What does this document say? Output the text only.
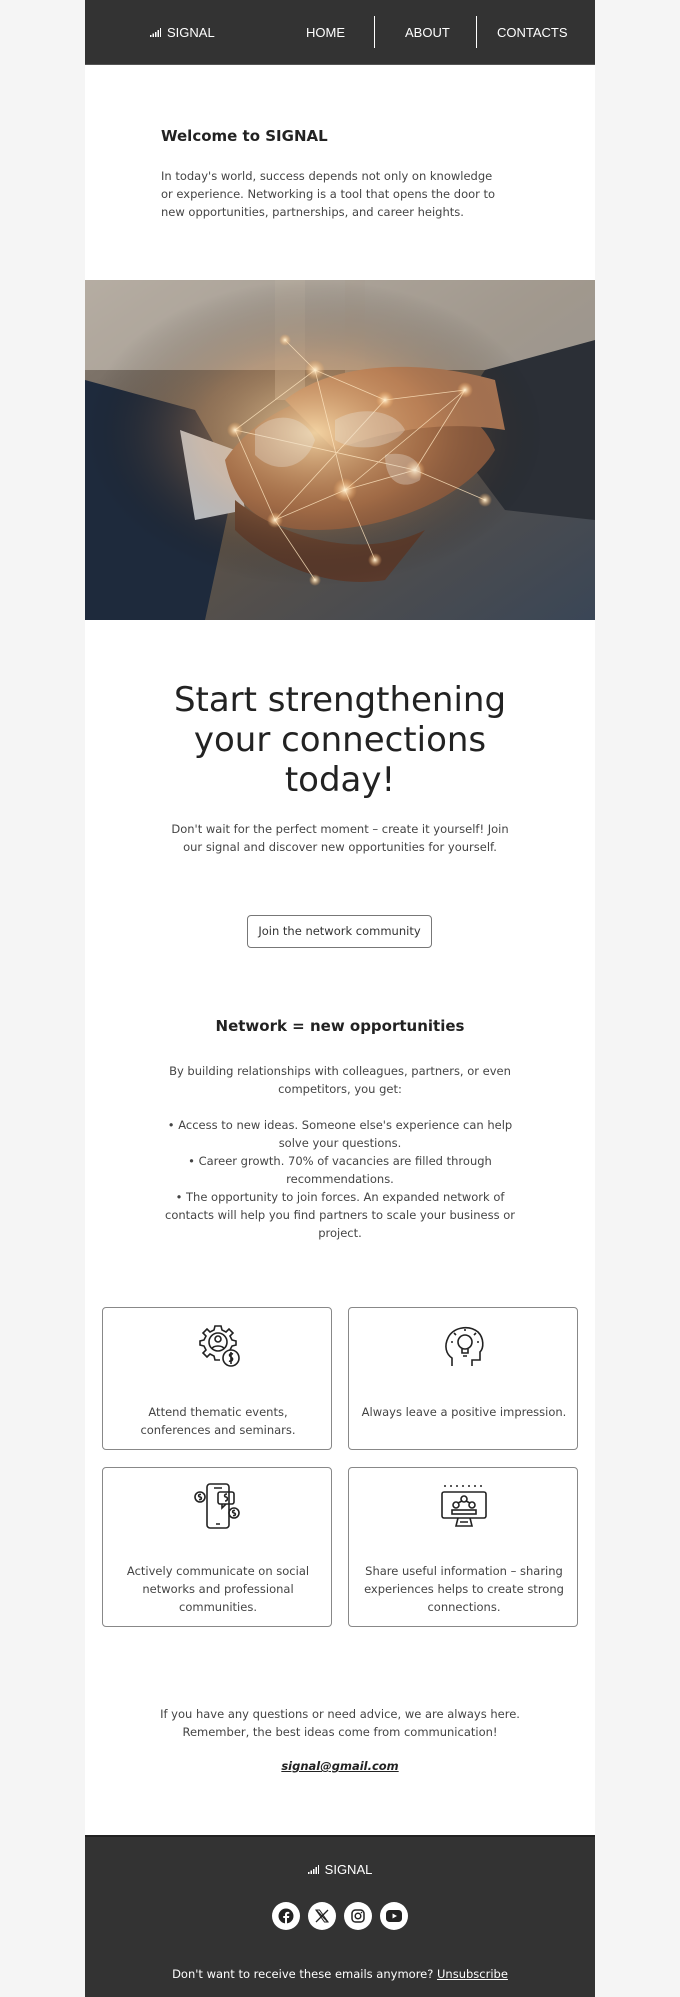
SIGNAL	HOME	ABOUT	CONTACTS
Welcome to SIGNAL
In today's world, success depends not only on knowledge or experience. Networking is a tool that opens the door to new opportunities, partnerships, and career heights.
Start strengthening your connections today!
Don't wait for the perfect moment – create it yourself! Join our signal and discover new opportunities for yourself.
Join the network community
Network = new opportunities
By building relationships with colleagues, partners, or even competitors, you get:
• Access to new ideas. Someone else's experience can help solve your questions.
• Career growth. 70% of vacancies are filled through recommendations.
• The opportunity to join forces. An expanded network of contacts will help you find partners to scale your business or project.
Attend thematic events, conferences and seminars.
Always leave a positive impression.
Actively communicate on social networks and professional communities.
Share useful information – sharing experiences helps to create strong connections.
If you have any questions or need advice, we are always here. Remember, the best ideas come from communication!
signal@gmail.com
SIGNAL
Don't want to receive these emails anymore? Unsubscribe
